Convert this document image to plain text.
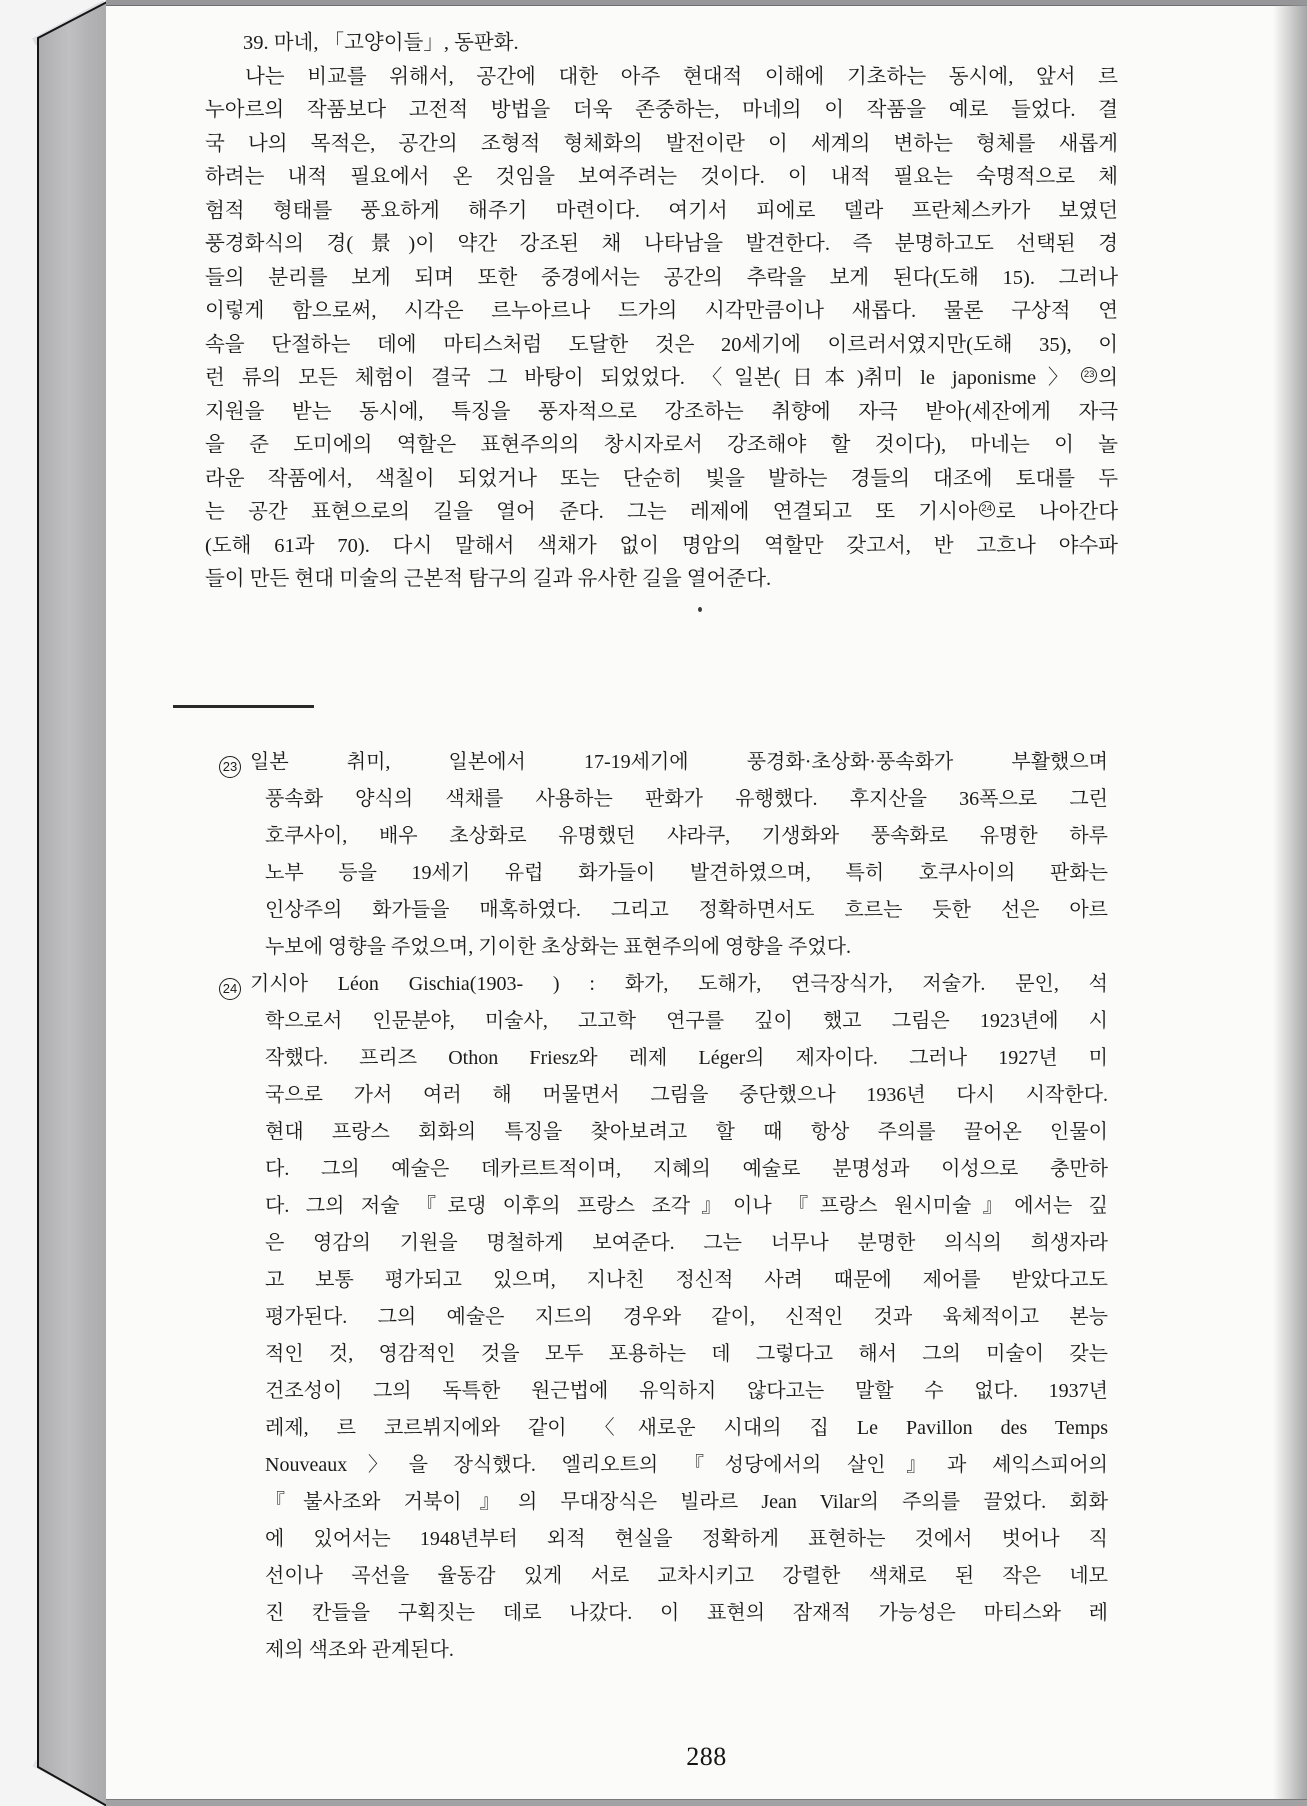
39. 마네, 「고양이들」, 동판화.
나는 비교를 위해서, 공간에 대한 아주 현대적 이해에 기초하는 동시에, 앞서 르
누아르의 작품보다 고전적 방법을 더욱 존중하는, 마네의 이 작품을 예로 들었다. 결
국 나의 목적은, 공간의 조형적 형체화의 발전이란 이 세계의 변하는 형체를 새롭게
하려는 내적 필요에서 온 것임을 보여주려는 것이다. 이 내적 필요는 숙명적으로 체
험적 형태를 풍요하게 해주기 마련이다. 여기서 피에로 델라 프란체스카가 보였던
풍경화식의 경(景)이 약간 강조된 채 나타남을 발견한다. 즉 분명하고도 선택된 경
들의 분리를 보게 되며 또한 중경에서는 공간의 추락을 보게 된다(도해 15). 그러나
이렇게 함으로써, 시각은 르누아르나 드가의 시각만큼이나 새롭다. 물론 구상적 연
속을 단절하는 데에 마티스처럼 도달한 것은 20세기에 이르러서였지만(도해 35), 이
런 류의 모든 체험이 결국 그 바탕이 되었었다. 〈일본(日本)취미 le japonisme〉 23 의
지원을 받는 동시에, 특징을 풍자적으로 강조하는 취향에 자극 받아(세잔에게 자극
을 준 도미에의 역할은 표현주의의 창시자로서 강조해야 할 것이다), 마네는 이 놀
라운 작품에서, 색칠이 되었거나 또는 단순히 빛을 발하는 경들의 대조에 토대를 두
는 공간 표현으로의 길을 열어 준다. 그는 레제에 연결되고 또 기시아 24 로 나아간다
(도해 61과 70). 다시 말해서 색채가 없이 명암의 역할만 갖고서, 반 고흐나 야수파
들이 만든 현대 미술의 근본적 탐구의 길과 유사한 길을 열어준다.
23 일본 취미, 일본에서 17-19세기에 풍경화·초상화·풍속화가 부활했으며
풍속화 양식의 색채를 사용하는 판화가 유행했다. 후지산을 36폭으로 그린
호쿠사이, 배우 초상화로 유명했던 샤라쿠, 기생화와 풍속화로 유명한 하루
노부 등을 19세기 유럽 화가들이 발견하였으며, 특히 호쿠사이의 판화는
인상주의 화가들을 매혹하였다. 그리고 정확하면서도 흐르는 듯한 선은 아르
누보에 영향을 주었으며, 기이한 초상화는 표현주의에 영향을 주었다.
24 기시아 Léon Gischia(1903- ) : 화가, 도해가, 연극장식가, 저술가. 문인, 석
학으로서 인문분야, 미술사, 고고학 연구를 깊이 했고 그림은 1923년에 시
작했다. 프리즈 Othon Friesz와 레제 Léger의 제자이다. 그러나 1927년 미
국으로 가서 여러 해 머물면서 그림을 중단했으나 1936년 다시 시작한다.
현대 프랑스 회화의 특징을 찾아보려고 할 때 항상 주의를 끌어온 인물이
다. 그의 예술은 데카르트적이며, 지혜의 예술로 분명성과 이성으로 충만하
다. 그의 저술 『로댕 이후의 프랑스 조각』이나 『프랑스 원시미술』에서는 깊
은 영감의 기원을 명철하게 보여준다. 그는 너무나 분명한 의식의 희생자라
고 보통 평가되고 있으며, 지나친 정신적 사려 때문에 제어를 받았다고도
평가된다. 그의 예술은 지드의 경우와 같이, 신적인 것과 육체적이고 본능
적인 것, 영감적인 것을 모두 포용하는 데 그렇다고 해서 그의 미술이 갖는
건조성이 그의 독특한 원근법에 유익하지 않다고는 말할 수 없다. 1937년
레제, 르 코르뷔지에와 같이 〈새로운 시대의 집 Le Pavillon des Temps
Nouveaux〉을 장식했다. 엘리오트의 『성당에서의 살인』과 셰익스피어의
『불사조와 거북이』의 무대장식은 빌라르 Jean Vilar의 주의를 끌었다. 회화
에 있어서는 1948년부터 외적 현실을 정확하게 표현하는 것에서 벗어나 직
선이나 곡선을 율동감 있게 서로 교차시키고 강렬한 색채로 된 작은 네모
진 칸들을 구획짓는 데로 나갔다. 이 표현의 잠재적 가능성은 마티스와 레
제의 색조와 관계된다.
288
